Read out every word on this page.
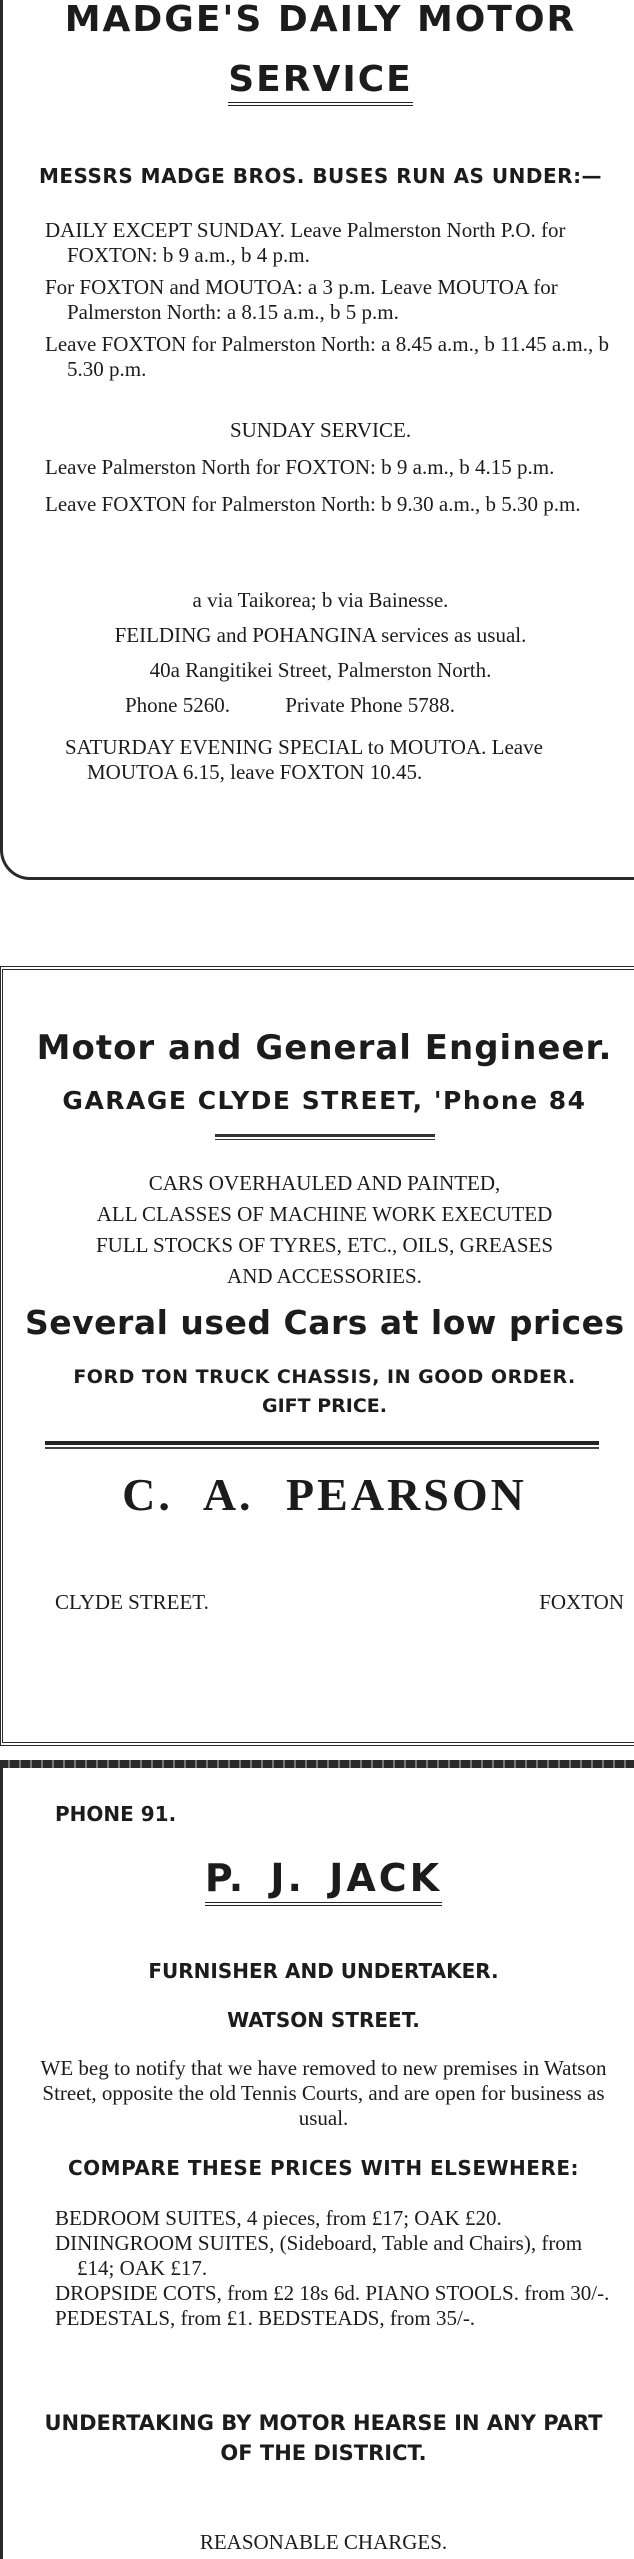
MADGE'S DAILY MOTOR
SERVICE
MESSRS MADGE BROS. BUSES RUN AS UNDER:—

DAILY EXCEPT SUNDAY. Leave Palmerston North P.O. for FOXTON: b 9 a.m., b 4 p.m.

For FOXTON and MOUTOA: a 3 p.m. Leave MOUTOA for Palmerston North: a 8.15 a.m., b 5 p.m.

Leave FOXTON for Palmerston North: a 8.45 a.m., b 11.45 a.m., b 5.30 p.m.

SUNDAY SERVICE.

Leave Palmerston North for FOXTON: b 9 a.m., b 4.15 p.m.

Leave FOXTON for Palmerston North: b 9.30 a.m., b 5.30 p.m.

a via Taikorea; b via Bainesse.
FEILDING and POHANGINA services as usual.
40a Rangitikei Street, Palmerston North.
Phone 5260.	Private Phone 5788.

SATURDAY EVENING SPECIAL to MOUTOA. Leave MOUTOA 6.15, leave FOXTON 10.45.

Motor and General Engineer.
GARAGE CLYDE STREET, 'Phone 84

CARS OVERHAULED AND PAINTED,

ALL CLASSES OF MACHINE WORK EXECUTED

FULL STOCKS OF TYRES, ETC., OILS, GREASES

AND ACCESSORIES.

Several used Cars at low prices
FORD TON TRUCK CHASSIS, IN GOOD ORDER.
GIFT PRICE.
C. A. PEARSON
CLYDE STREET.	FOXTON
PHONE 91.
P. J. JACK
FURNISHER AND UNDERTAKER.
WATSON STREET.

WE beg to notify that we have removed to new premises in Watson Street, opposite the old Tennis Courts, and are open for business as usual.

COMPARE THESE PRICES WITH ELSEWHERE:

BEDROOM SUITES, 4 pieces, from £17; OAK £20.

DININGROOM SUITES, (Sideboard, Table and Chairs), from £14; OAK £17.

DROPSIDE COTS, from £2 18s 6d. PIANO STOOLS. from 30/-.

PEDESTALS, from £1. BEDSTEADS, from 35/-.

UNDERTAKING BY MOTOR HEARSE IN ANY PART OF THE DISTRICT.
REASONABLE CHARGES.
